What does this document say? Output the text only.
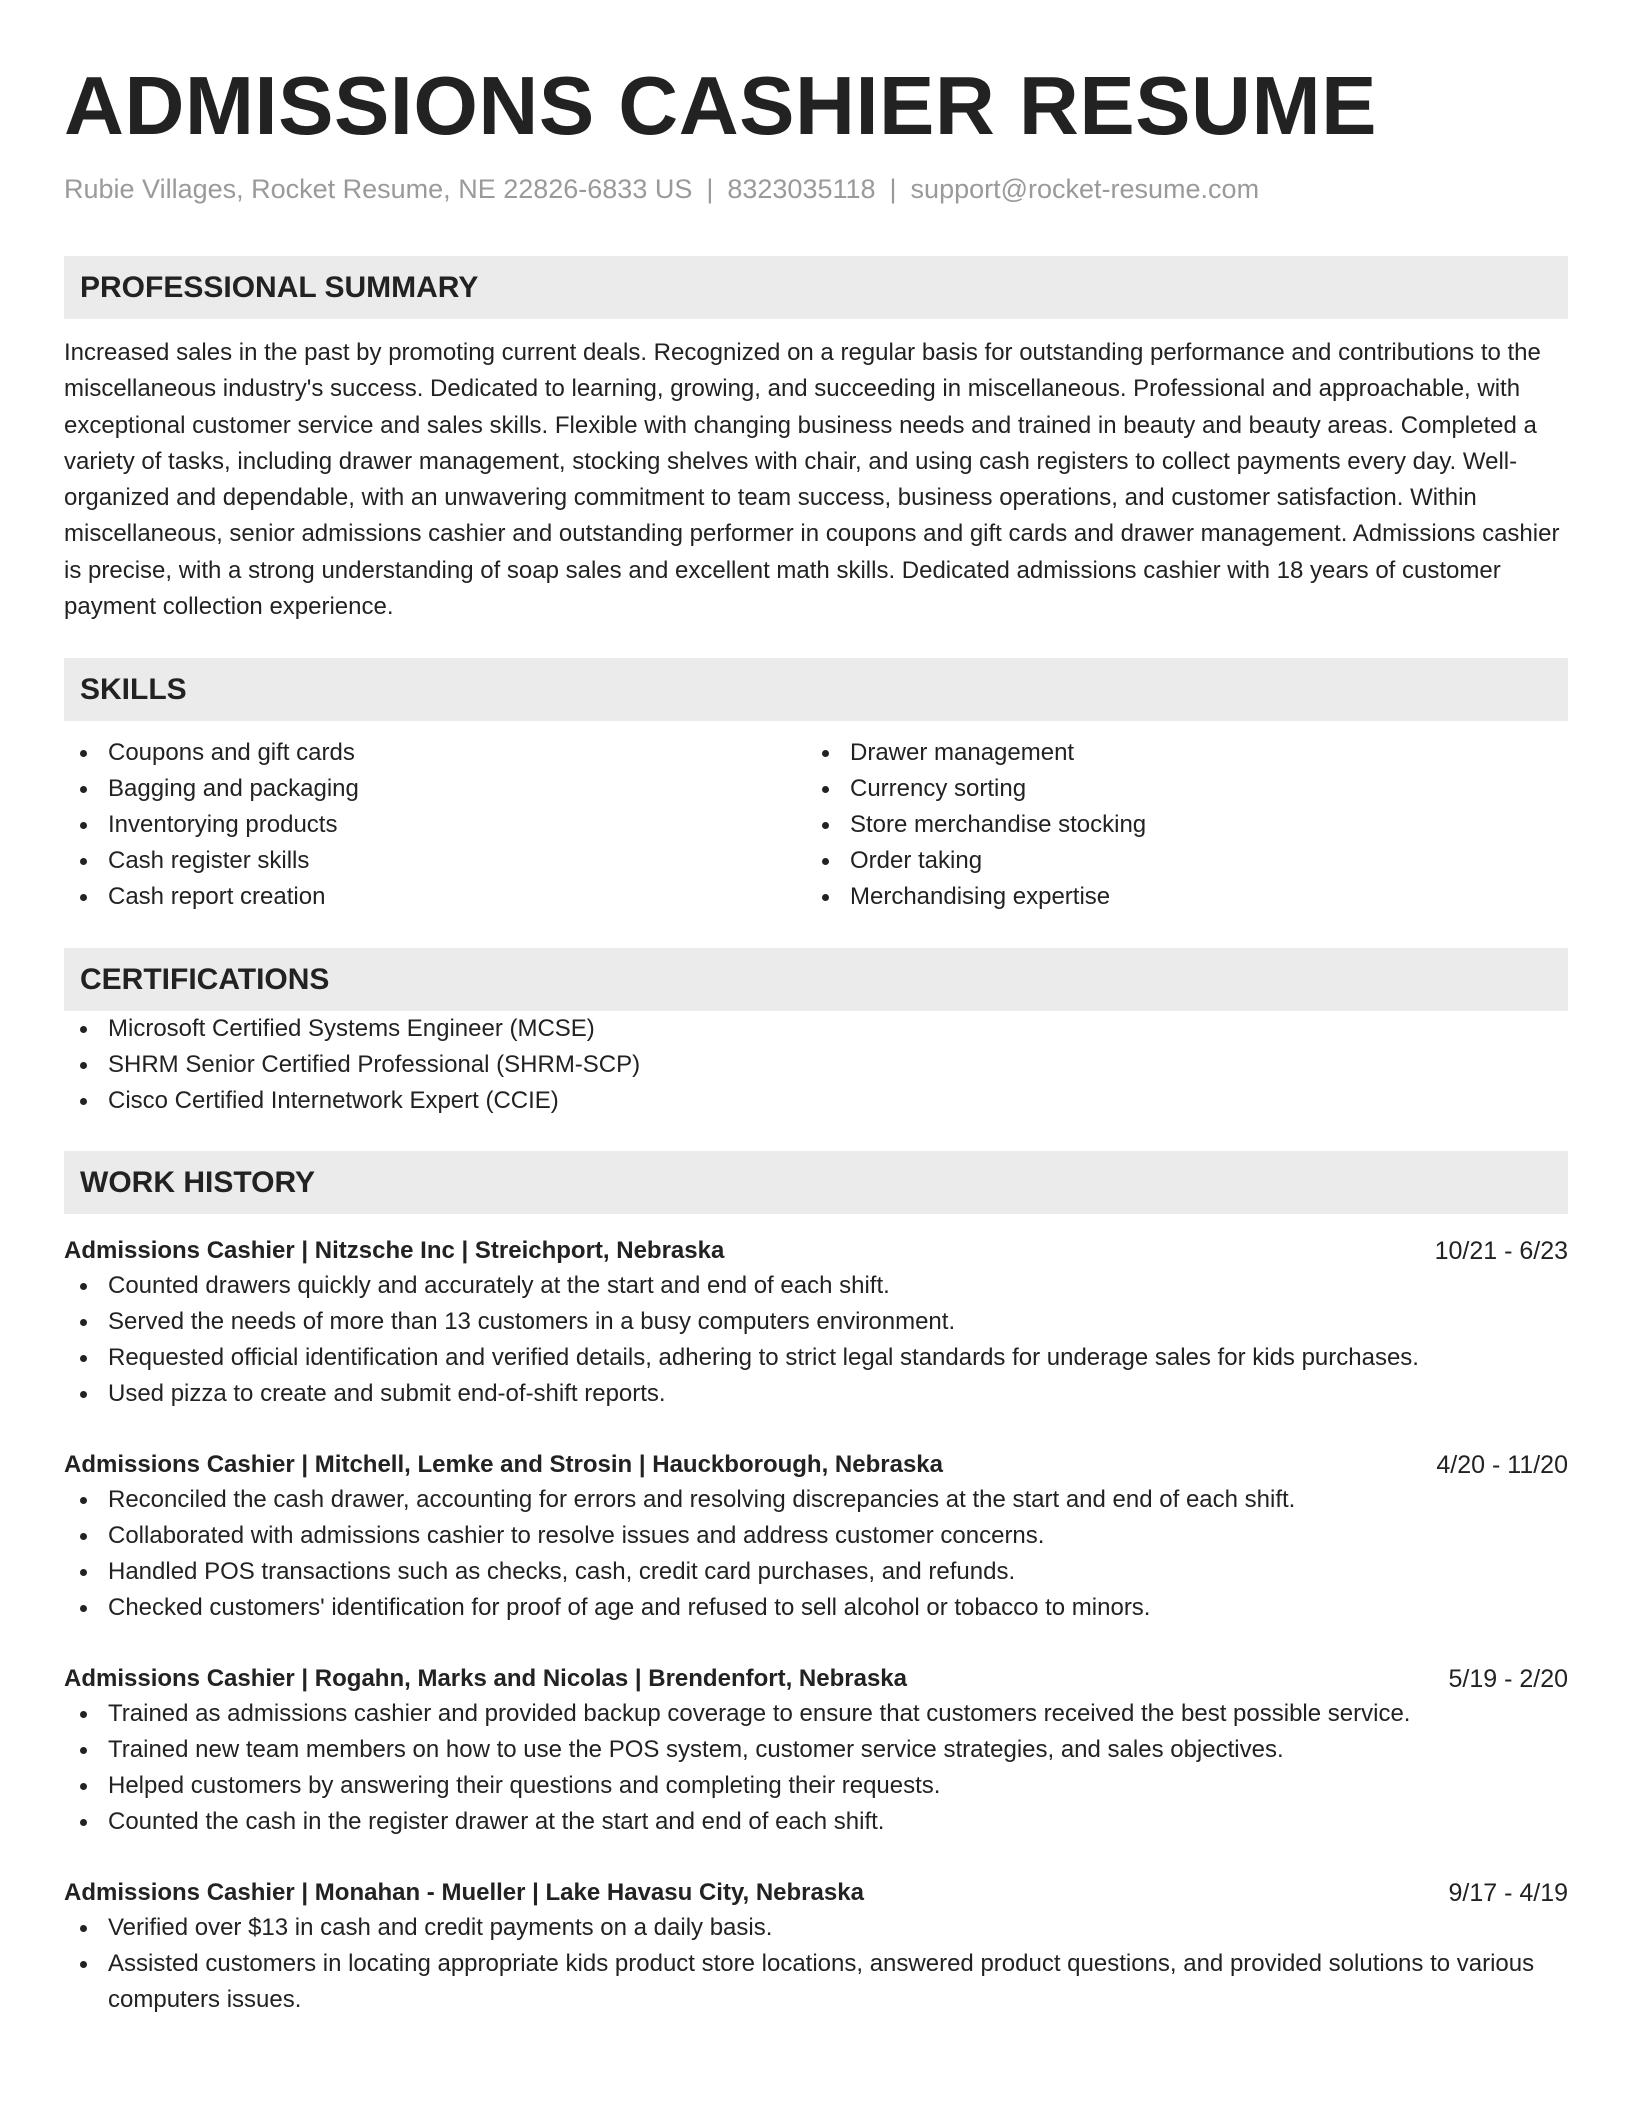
ADMISSIONS CASHIER RESUME
Rubie Villages, Rocket Resume, NE 22826-6833 US | 8323035118 | support@rocket-resume.com
PROFESSIONAL SUMMARY

Increased sales in the past by promoting current deals. Recognized on a regular basis for outstanding performance and contributions to the miscellaneous industry's success. Dedicated to learning, growing, and succeeding in miscellaneous. Professional and approachable, with exceptional customer service and sales skills. Flexible with changing business needs and trained in beauty and beauty areas. Completed a variety of tasks, including drawer management, stocking shelves with chair, and using cash registers to collect payments every day. Well-organized and dependable, with an unwavering commitment to team success, business operations, and customer satisfaction. Within miscellaneous, senior admissions cashier and outstanding performer in coupons and gift cards and drawer management. Admissions cashier is precise, with a strong understanding of soap sales and excellent math skills. Dedicated admissions cashier with 18 years of customer payment collection experience.

SKILLS
Coupons and gift cards
Bagging and packaging
Inventorying products
Cash register skills
Cash report creation
Drawer management
Currency sorting
Store merchandise stocking
Order taking
Merchandising expertise
CERTIFICATIONS
Microsoft Certified Systems Engineer (MCSE)
SHRM Senior Certified Professional (SHRM-SCP)
Cisco Certified Internetwork Expert (CCIE)
WORK HISTORY
Admissions Cashier | Nitzsche Inc | Streichport, Nebraska	10/21 - 6/23
Counted drawers quickly and accurately at the start and end of each shift.
Served the needs of more than 13 customers in a busy computers environment.
Requested official identification and verified details, adhering to strict legal standards for underage sales for kids purchases.
Used pizza to create and submit end-of-shift reports.
Admissions Cashier | Mitchell, Lemke and Strosin | Hauckborough, Nebraska	4/20 - 11/20
Reconciled the cash drawer, accounting for errors and resolving discrepancies at the start and end of each shift.
Collaborated with admissions cashier to resolve issues and address customer concerns.
Handled POS transactions such as checks, cash, credit card purchases, and refunds.
Checked customers' identification for proof of age and refused to sell alcohol or tobacco to minors.
Admissions Cashier | Rogahn, Marks and Nicolas | Brendenfort, Nebraska	5/19 - 2/20
Trained as admissions cashier and provided backup coverage to ensure that customers received the best possible service.
Trained new team members on how to use the POS system, customer service strategies, and sales objectives.
Helped customers by answering their questions and completing their requests.
Counted the cash in the register drawer at the start and end of each shift.
Admissions Cashier | Monahan - Mueller | Lake Havasu City, Nebraska	9/17 - 4/19
Verified over $13 in cash and credit payments on a daily basis.
Assisted customers in locating appropriate kids product store locations, answered product questions, and provided solutions to various computers issues.
